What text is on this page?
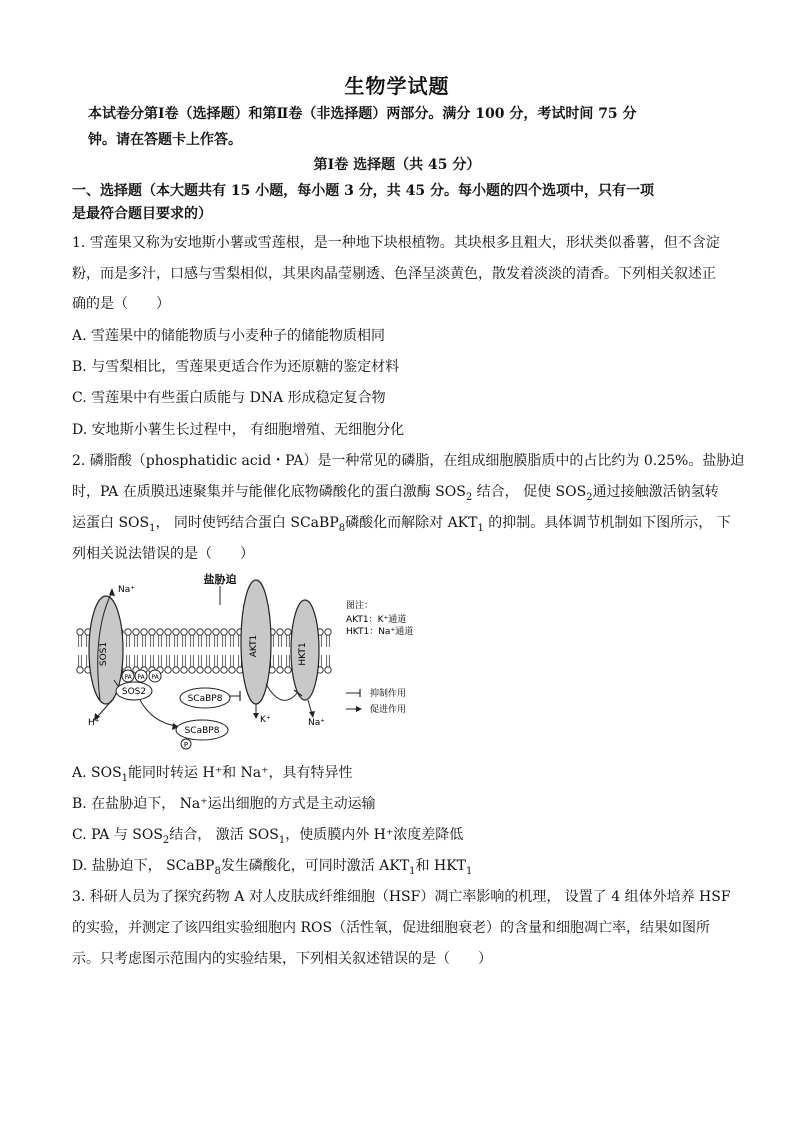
生物学试题
本试卷分第Ⅰ卷（选择题）和第Ⅱ卷（非选择题）两部分。满分 100 分，考试时间 75 分
钟。请在答题卡上作答。
第Ⅰ卷 选择题（共 45 分）
一、选择题（本大题共有 15 小题，每小题 3 分，共 45 分。每小题的四个选项中，只有一项
是最符合题目要求的）
1. 雪莲果又称为安地斯小薯或雪莲根，是一种地下块根植物。其块根多且粗大，形状类似番薯，但不含淀
粉，而是多汁，口感与雪梨相似，其果肉晶莹剔透、色泽呈淡黄色，散发着淡淡的清香。下列相关叙述正
确的是（　　）
A. 雪莲果中的储能物质与小麦种子的储能物质相同
B. 与雪梨相比，雪莲果更适合作为还原糖的鉴定材料
C. 雪莲果中有些蛋白质能与 DNA 形成稳定复合物
D. 安地斯小薯生长过程中， 有细胞增殖、无细胞分化
2. 磷脂酸（phosphatidic acid・PA）是一种常见的磷脂，在组成细胞膜脂质中的占比约为 0.25%。盐胁迫
时，PA 在质膜迅速聚集并与能催化底物磷酸化的蛋白激酶 $SOS_2$ 结合， 促使 $SOS_2$通过接触激活钠氢转
运蛋白 $SOS_1$， 同时使钙结合蛋白 SCaBP$_8$磷酸化而解除对 $AKT_1$ 的抑制。具体调节机制如下图所示， 下
列相关说法错误的是（　　）
SOS1	AKT1	HKT1
盐胁迫
Na⁺
H⁺
PA PA PA
SOS2
SCaBP8
SCaBP8
P
K⁺	Na⁺
图注：
AKT1：K⁺通道
HKT1：Na⁺通道
抑制作用
促进作用
A. $SOS_1$能同时转运 H⁺和 Na⁺，具有特异性
B. 在盐胁迫下， Na⁺运出细胞的方式是主动运输
C. PA 与 $SOS_2$结合， 激活 $SOS_1$，使质膜内外 H⁺浓度差降低
D. 盐胁迫下， SCaBP$_8$发生磷酸化，可同时激活 $AKT_1$和 $HKT_1$
3. 科研人员为了探究药物 A 对人皮肤成纤维细胞（HSF）凋亡率影响的机理， 设置了 4 组体外培养 HSF
的实验，并测定了该四组实验细胞内 ROS（活性氧，促进细胞衰老）的含量和细胞凋亡率，结果如图所
示。只考虑图示范围内的实验结果，下列相关叙述错误的是（　　）
